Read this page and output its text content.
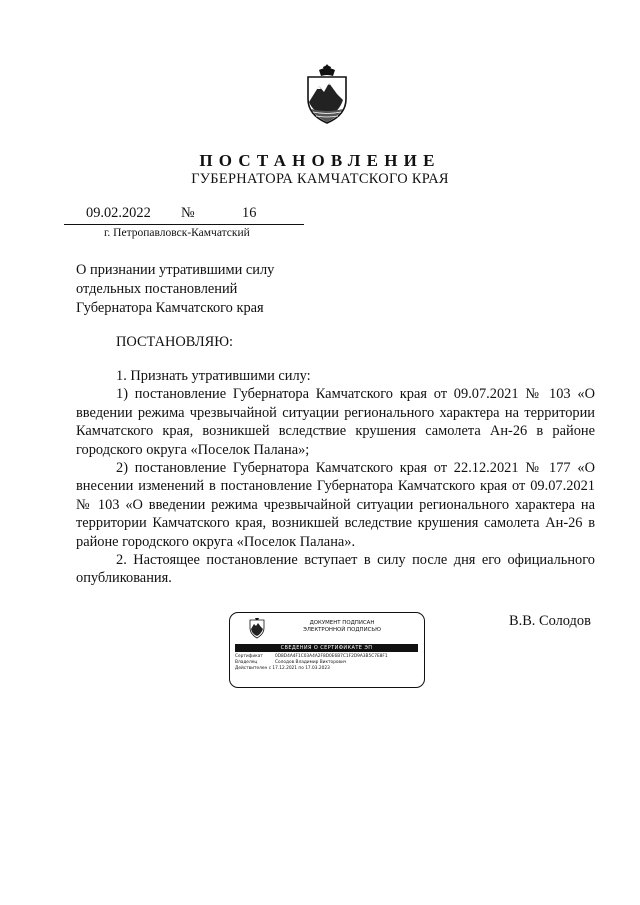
ПОСТАНОВЛЕНИЕ
ГУБЕРНАТОРА КАМЧАТСКОГО КРАЯ
09.02.2022 №	16
г. Петропавловск-Камчатский
О признании утратившими силу
отдельных постановлений
Губернатора Камчатского края
ПОСТАНОВЛЯЮ:

1. Признать утратившими силу:

1) постановление Губернатора Камчатского края от 09.07.2021 № 103 «О введении режима чрезвычайной ситуации регионального характера на территории Камчатского края, возникшей вследствие крушения самолета Ан-26 в районе городского округа «Поселок Палана»;

2) постановление Губернатора Камчатского края от 22.12.2021 № 177 «О внесении изменений в постановление Губернатора Камчатского края от 09.07.2021 № 103 «О введении режима чрезвычайной ситуации регионального характера на территории Камчатского края, возникшей вследствие крушения самолета Ан-26 в районе городского округа «Поселок Палана».

2. Настоящее постановление вступает в силу после дня его официального опубликования.

ДОКУМЕНТ ПОДПИСАН
ЭЛЕКТРОННОЙ ПОДПИСЬЮ
СВЕДЕНИЯ О СЕРТИФИКАТЕ ЭП
Сертификат	0D8D4A4F1C03A4A2F8D0E6B7C1F2D9A3B5C7E8F1
Владелец	Солодов Владимир Викторович
Действителен с 17.12.2021 по 17.03.2023
В.В. Солодов
